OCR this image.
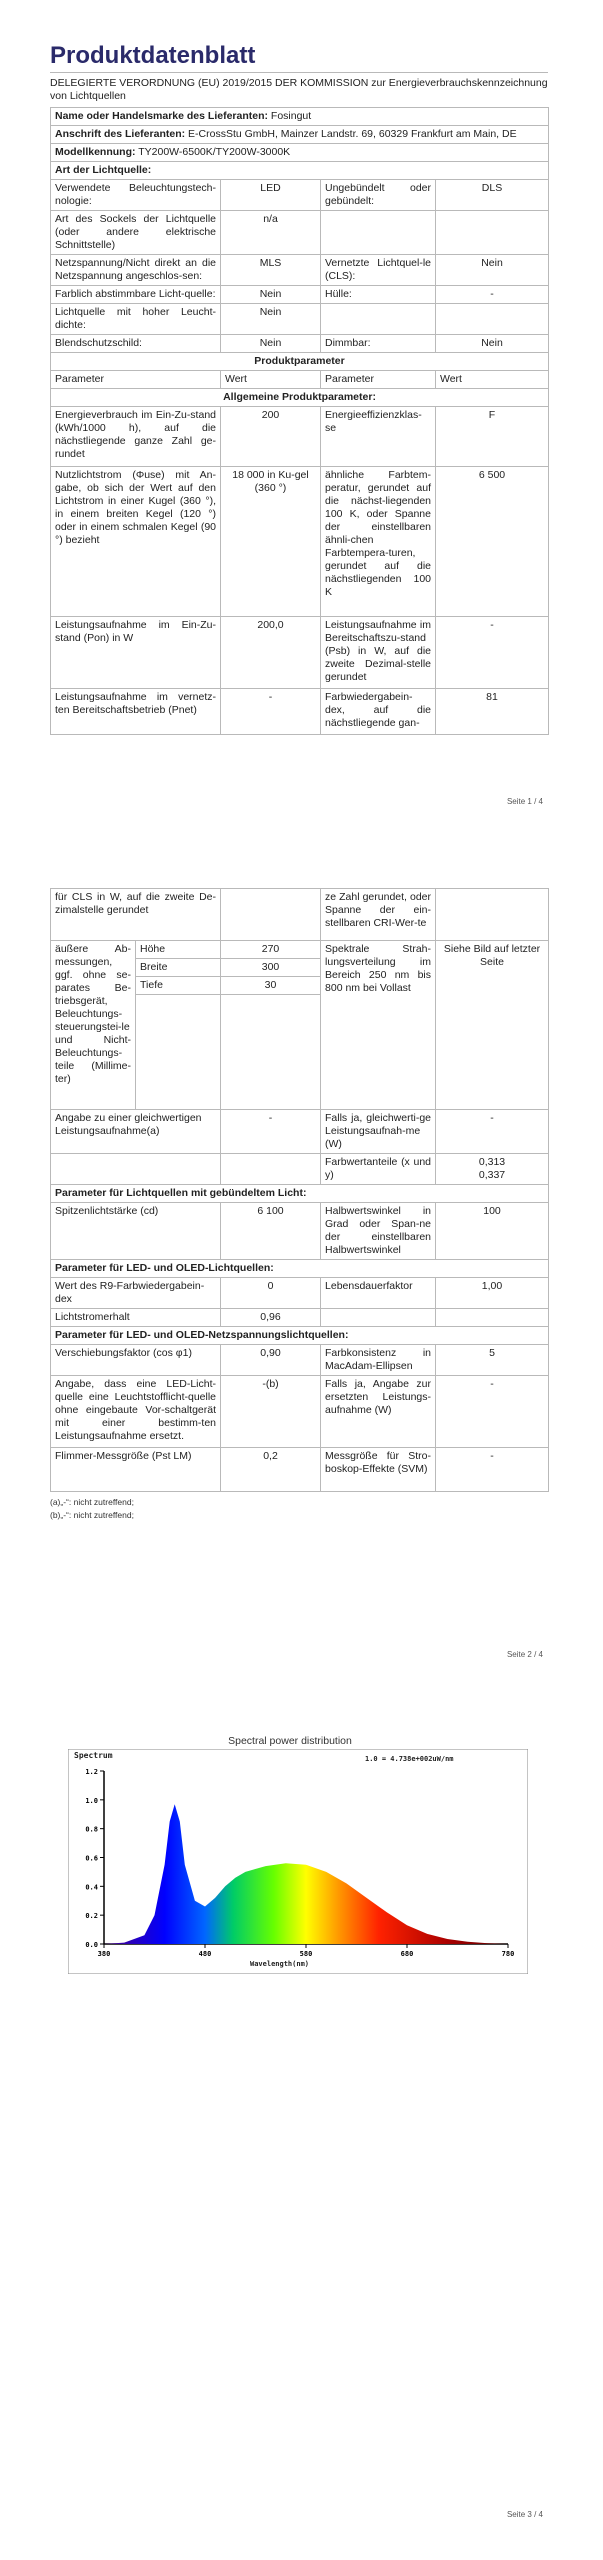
Produktdatenblatt
DELEGIERTE VERORDNUNG (EU) 2019/2015 DER KOMMISSION zur Energieverbrauchskennzeichnung von Lichtquellen
Name oder Handelsmarke des Lieferanten: Fosingut			
Anschrift des Lieferanten: E-CrossStu GmbH, Mainzer Landstr. 69, 60329 Frankfurt am Main, DE			
Modellkennung: TY200W-6500K/TY200W-3000K			
Art der Lichtquelle:			
Verwendete Beleuchtungstech-nologie:	LED	Ungebündelt oder gebündelt:	DLS
Art des Sockels der Lichtquelle (oder andere elektrische Schnittstelle)	n/a		
Netzspannung/Nicht direkt an die Netzspannung angeschlos-sen:	MLS	Vernetzte Lichtquel-le (CLS):	Nein
Farblich abstimmbare Licht-quelle:	Nein	Hülle:	-
Lichtquelle mit hoher Leucht-dichte:	Nein		
Blendschutzschild:	Nein	Dimmbar:	Nein
Produktparameter			
Parameter	Wert	Parameter	Wert
Allgemeine Produktparameter:			
Energieverbrauch im Ein-Zu-stand (kWh/1000 h), auf die nächstliegende ganze Zahl ge-rundet	200	Energieeffizienzklas-se	F
Nutzlichtstrom (Φuse) mit An-gabe, ob sich der Wert auf den Lichtstrom in einer Kugel (360 °), in einem breiten Kegel (120 °) oder in einem schmalen Kegel (90 °) bezieht	18 000 in Ku-gel (360 °)	ähnliche Farbtem-peratur, gerundet auf die nächst-liegenden 100 K, oder Spanne der einstellbaren ähnli-chen Farbtempera-turen, gerundet auf die nächstliegenden 100 K	6 500
Leistungsaufnahme im Ein-Zu-stand (Pon) in W	200,0	Leistungsaufnahme im Bereitschaftszu-stand (Psb) in W, auf die zweite Dezimal-stelle gerundet	-
Leistungsaufnahme im vernetz-ten Bereitschaftsbetrieb (Pnet)	-	Farbwiedergabein-dex, auf die nächstliegende gan-	81
Seite 1 / 4
für CLS in W, auf die zweite De-zimalstelle gerundet			ze Zahl gerundet, oder Spanne der ein-stellbaren CRI-Wer-te	
äußere Ab-messungen, ggf. ohne se-parates Be-triebsgerät, Beleuchtungs-steuerungstei-le und Nicht-Beleuchtungs-teile (Millime-ter)	Höhe	270	Spektrale Strah-lungsverteilung im Bereich 250 nm bis 800 nm bei Vollast	Siehe Bild auf letzter Seite
	Breite	300		
	Tiefe	30		

Angabe zu einer gleichwertigen Leistungsaufnahme(a)		-	Falls ja, gleichwerti-ge Leistungsaufnah-me (W)	-
			Farbwertanteile (x und y)	0,313
0,337
Parameter für Lichtquellen mit gebündeltem Licht:				
Spitzenlichtstärke (cd)		6 100	Halbwertswinkel in Grad oder Span-ne der einstellbaren Halbwertswinkel	100
Parameter für LED- und OLED-Lichtquellen:				
Wert des R9-Farbwiedergabein-dex		0	Lebensdauerfaktor	1,00
Lichtstromerhalt		0,96		
Parameter für LED- und OLED-Netzspannungslichtquellen:				
Verschiebungsfaktor (cos φ1)		0,90	Farbkonsistenz in MacAdam-Ellipsen	5
Angabe, dass eine LED-Licht-quelle eine Leuchtstofflicht-quelle ohne eingebaute Vor-schaltgerät mit einer bestimm-ten Leistungsaufnahme ersetzt.		-(b)	Falls ja, Angabe zur ersetzten Leistungs-aufnahme (W)	-
Flimmer-Messgröße (Pst LM)		0,2	Messgröße für Stro-boskop-Effekte (SVM)	-
(a)„-“: nicht zutreffend;
(b)„-“: nicht zutreffend;
Seite 2 / 4
Spectral power distribution
0.0
0.2
0.4
0.6
0.8
1.0
1.2
380	480	580	680	780
Spectrum	1.0 = 4.738e+002uW/nm
Wavelength(nm)
Seite 3 / 4
